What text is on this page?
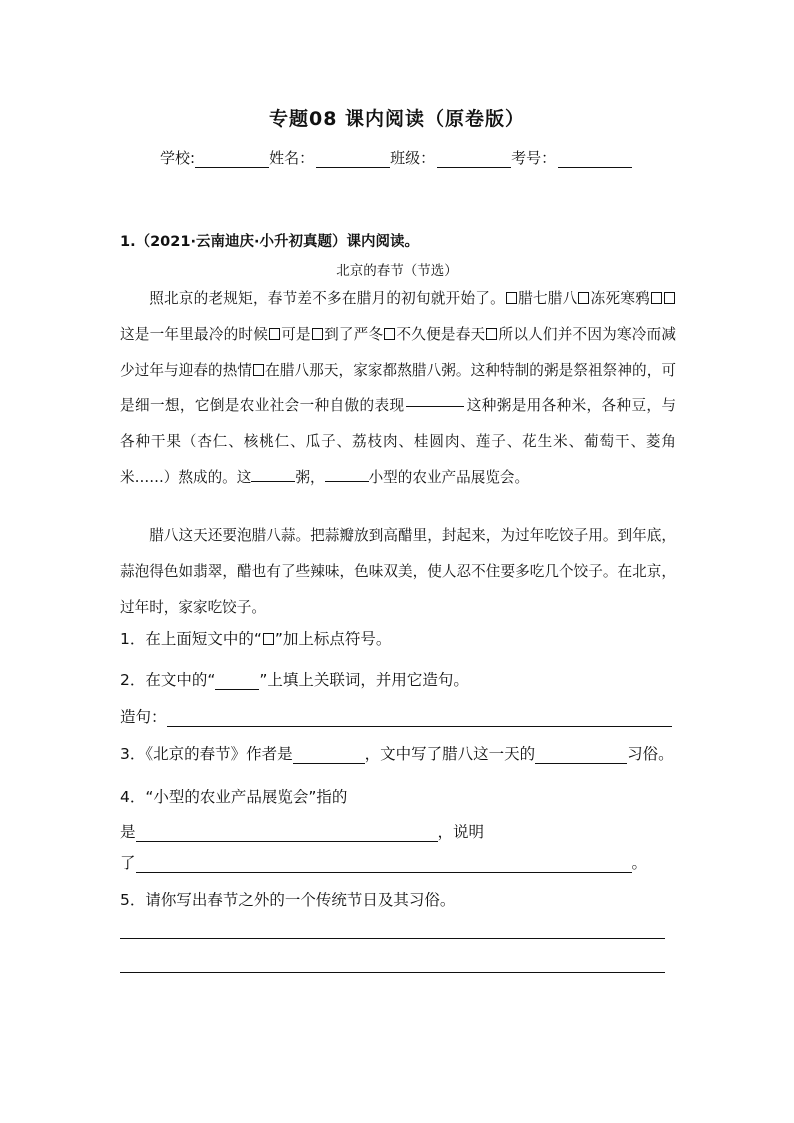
专题08 课内阅读（原卷版）
学校:	姓名：	班级：	考号：
1.（2021·云南迪庆·小升初真题）课内阅读。
北京的春节（节选）
照北京的老规矩，春节差不多在腊月的初旬就开始了。 腊七腊八 冻死寒鸦这是一年里最冷的时候 可是 到了严冬 不久便是春天 所以人们并不因为寒冷而减少过年与迎春的热情 在腊八那天，家家都熬腊八粥。这种特制的粥是祭祖祭神的，可是细一想，它倒是农业社会一种自傲的表现	这种粥是用各种米，各种豆，与各种干果（杏仁、核桃仁、瓜子、荔枝肉、桂圆肉、莲子、花生米、葡萄干、菱角米……）熬成的。这	粥，	小型的农业产品展览会。
腊八这天还要泡腊八蒜。把蒜瓣放到高醋里，封起来，为过年吃饺子用。到年底，蒜泡得色如翡翠，醋也有了些辣味，色味双美，使人忍不住要多吃几个饺子。在北京，过年时，家家吃饺子。
1．在上面短文中的“ ”加上标点符号。
2．在文中的“	”上填上关联词，并用它造句。
造句：
3．《北京的春节》作者是	，文中写了腊八这一天的	习俗。
4．“小型的农业产品展览会”指的
是	，说明
了	。
5．请你写出春节之外的一个传统节日及其习俗。
